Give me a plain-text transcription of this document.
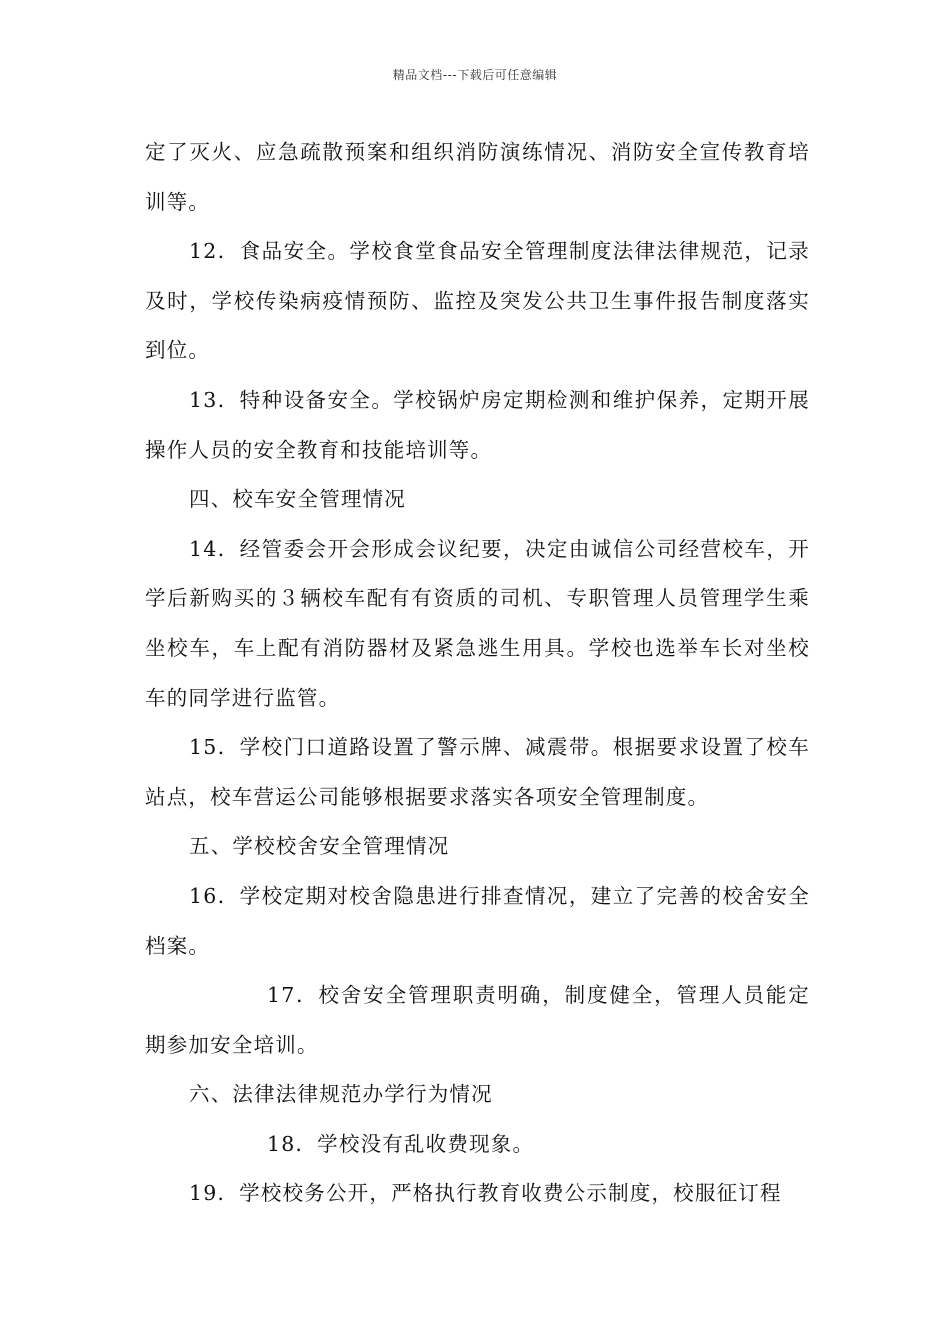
精品文档---下载后可任意编辑

定了灭火、应急疏散预案和组织消防演练情况、消防安全宣传教育培训等。

12．食品安全。学校食堂食品安全管理制度法律法律规范，记录及时，学校传染病疫情预防、监控及突发公共卫生事件报告制度落实到位。

13．特种设备安全。学校锅炉房定期检测和维护保养，定期开展操作人员的安全教育和技能培训等。

四、校车安全管理情况

14．经管委会开会形成会议纪要，决定由诚信公司经营校车，开学后新购买的３辆校车配有有资质的司机、专职管理人员管理学生乘坐校车，车上配有消防器材及紧急逃生用具。学校也选举车长对坐校车的同学进行监管。

15．学校门口道路设置了警示牌、减震带。根据要求设置了校车站点，校车营运公司能够根据要求落实各项安全管理制度。

五、学校校舍安全管理情况

16．学校定期对校舍隐患进行排查情况，建立了完善的校舍安全档案。

17．校舍安全管理职责明确，制度健全，管理人员能定期参加安全培训。

六、法律法律规范办学行为情况

18．学校没有乱收费现象。

19．学校校务公开，严格执行教育收费公示制度，校服征订程
